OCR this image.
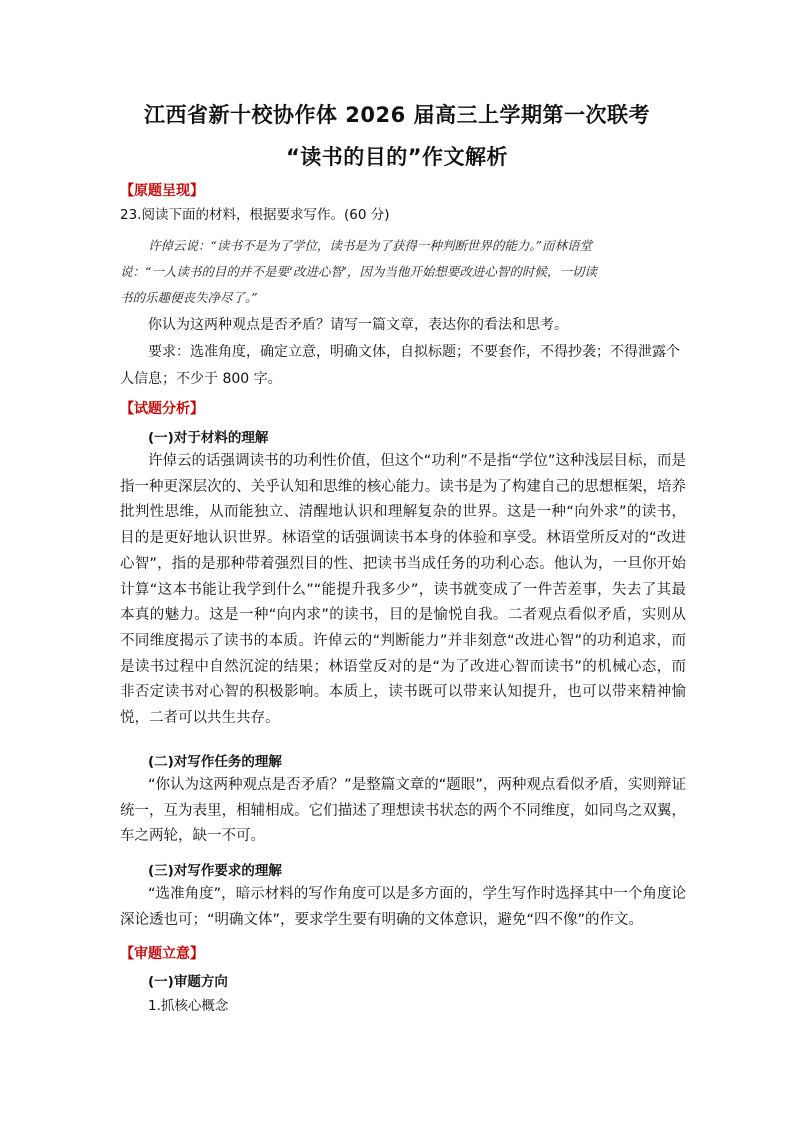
江西省新十校协作体 2026 届高三上学期第一次联考
“读书的目的”作文解析
【原题呈现】
23.阅读下面的材料，根据要求写作。(60 分)
许倬云说：“读书不是为了学位，读书是为了获得一种判断世界的能力。”而林语堂
说：“一人读书的目的并不是要‘改进心智’，因为当他开始想要改进心智的时候，一切读
书的乐趣便丧失净尽了。”
你认为这两种观点是否矛盾？请写一篇文章，表达你的看法和思考。
要求：选准角度，确定立意，明确文体，自拟标题；不要套作，不得抄袭；不得泄露个
人信息；不少于 800 字。
【试题分析】
(一)对于材料的理解
许倬云的话强调读书的功利性价值，但这个“功利”不是指“学位”这种浅层目标，而是指一种更深层次的、关乎认知和思维的核心能力。读书是为了构建自己的思想框架，培养批判性思维，从而能独立、清醒地认识和理解复杂的世界。这是一种“向外求”的读书，目的是更好地认识世界。林语堂的话强调读书本身的体验和享受。林语堂所反对的“改进心智”，指的是那种带着强烈目的性、把读书当成任务的功利心态。他认为，一旦你开始计算“这本书能让我学到什么”“能提升我多少”，读书就变成了一件苦差事，失去了其最本真的魅力。这是一种“向内求”的读书，目的是愉悦自我。二者观点看似矛盾，实则从不同维度揭示了读书的本质。许倬云的“判断能力”并非刻意“改进心智”的功利追求，而是读书过程中自然沉淀的结果；林语堂反对的是“为了改进心智而读书”的机械心态，而非否定读书对心智的积极影响。本质上，读书既可以带来认知提升，也可以带来精神愉悦，二者可以共生共存。
(二)对写作任务的理解
“你认为这两种观点是否矛盾？”是整篇文章的“题眼”，两种观点看似矛盾，实则辩证统一，互为表里，相辅相成。它们描述了理想读书状态的两个不同维度，如同鸟之双翼，车之两轮，缺一不可。
(三)对写作要求的理解
“选准角度”，暗示材料的写作角度可以是多方面的，学生写作时选择其中一个角度论深论透也可；“明确文体”，要求学生要有明确的文体意识，避免“四不像”的作文。
【审题立意】
(一)审题方向
1.抓核心概念
